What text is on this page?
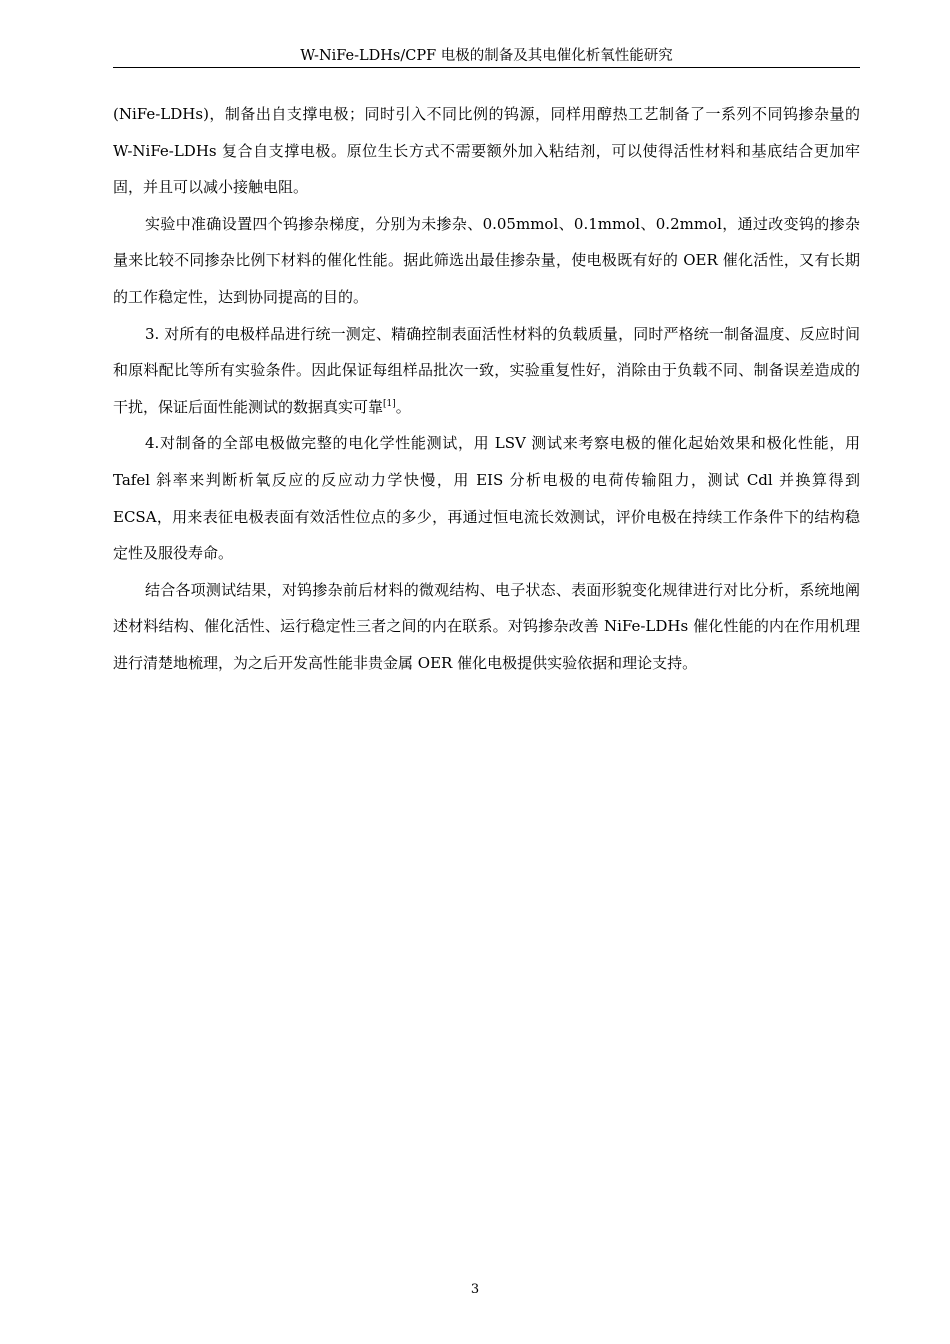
W-NiFe-LDHs/CPF 电极的制备及其电催化析氧性能研究

(NiFe-LDHs)，制备出自支撑电极；同时引入不同比例的钨源，同样用醇热工艺制备了一系列不同钨掺杂量的 W-NiFe-LDHs 复合自支撑电极。原位生长方式不需要额外加入粘结剂，可以使得活性材料和基底结合更加牢固，并且可以减小接触电阻。

实验中准确设置四个钨掺杂梯度，分别为未掺杂、0.05mmol、0.1mmol、0.2mmol，通过改变钨的掺杂量来比较不同掺杂比例下材料的催化性能。据此筛选出最佳掺杂量，使电极既有好的 OER 催化活性，又有长期的工作稳定性，达到协同提高的目的。

3. 对所有的电极样品进行统一测定、精确控制表面活性材料的负载质量，同时严格统一制备温度、反应时间和原料配比等所有实验条件。因此保证每组样品批次一致，实验重复性好，消除由于负载不同、制备误差造成的干扰，保证后面性能测试的数据真实可靠[1]。

4.对制备的全部电极做完整的电化学性能测试，用 LSV 测试来考察电极的催化起始效果和极化性能，用 Tafel 斜率来判断析氧反应的反应动力学快慢，用 EIS 分析电极的电荷传输阻力，测试 Cdl 并换算得到 ECSA，用来表征电极表面有效活性位点的多少，再通过恒电流长效测试，评价电极在持续工作条件下的结构稳定性及服役寿命。

结合各项测试结果，对钨掺杂前后材料的微观结构、电子状态、表面形貌变化规律进行对比分析，系统地阐述材料结构、催化活性、运行稳定性三者之间的内在联系。对钨掺杂改善 NiFe-LDHs 催化性能的内在作用机理进行清楚地梳理，为之后开发高性能非贵金属 OER 催化电极提供实验依据和理论支持。

3
